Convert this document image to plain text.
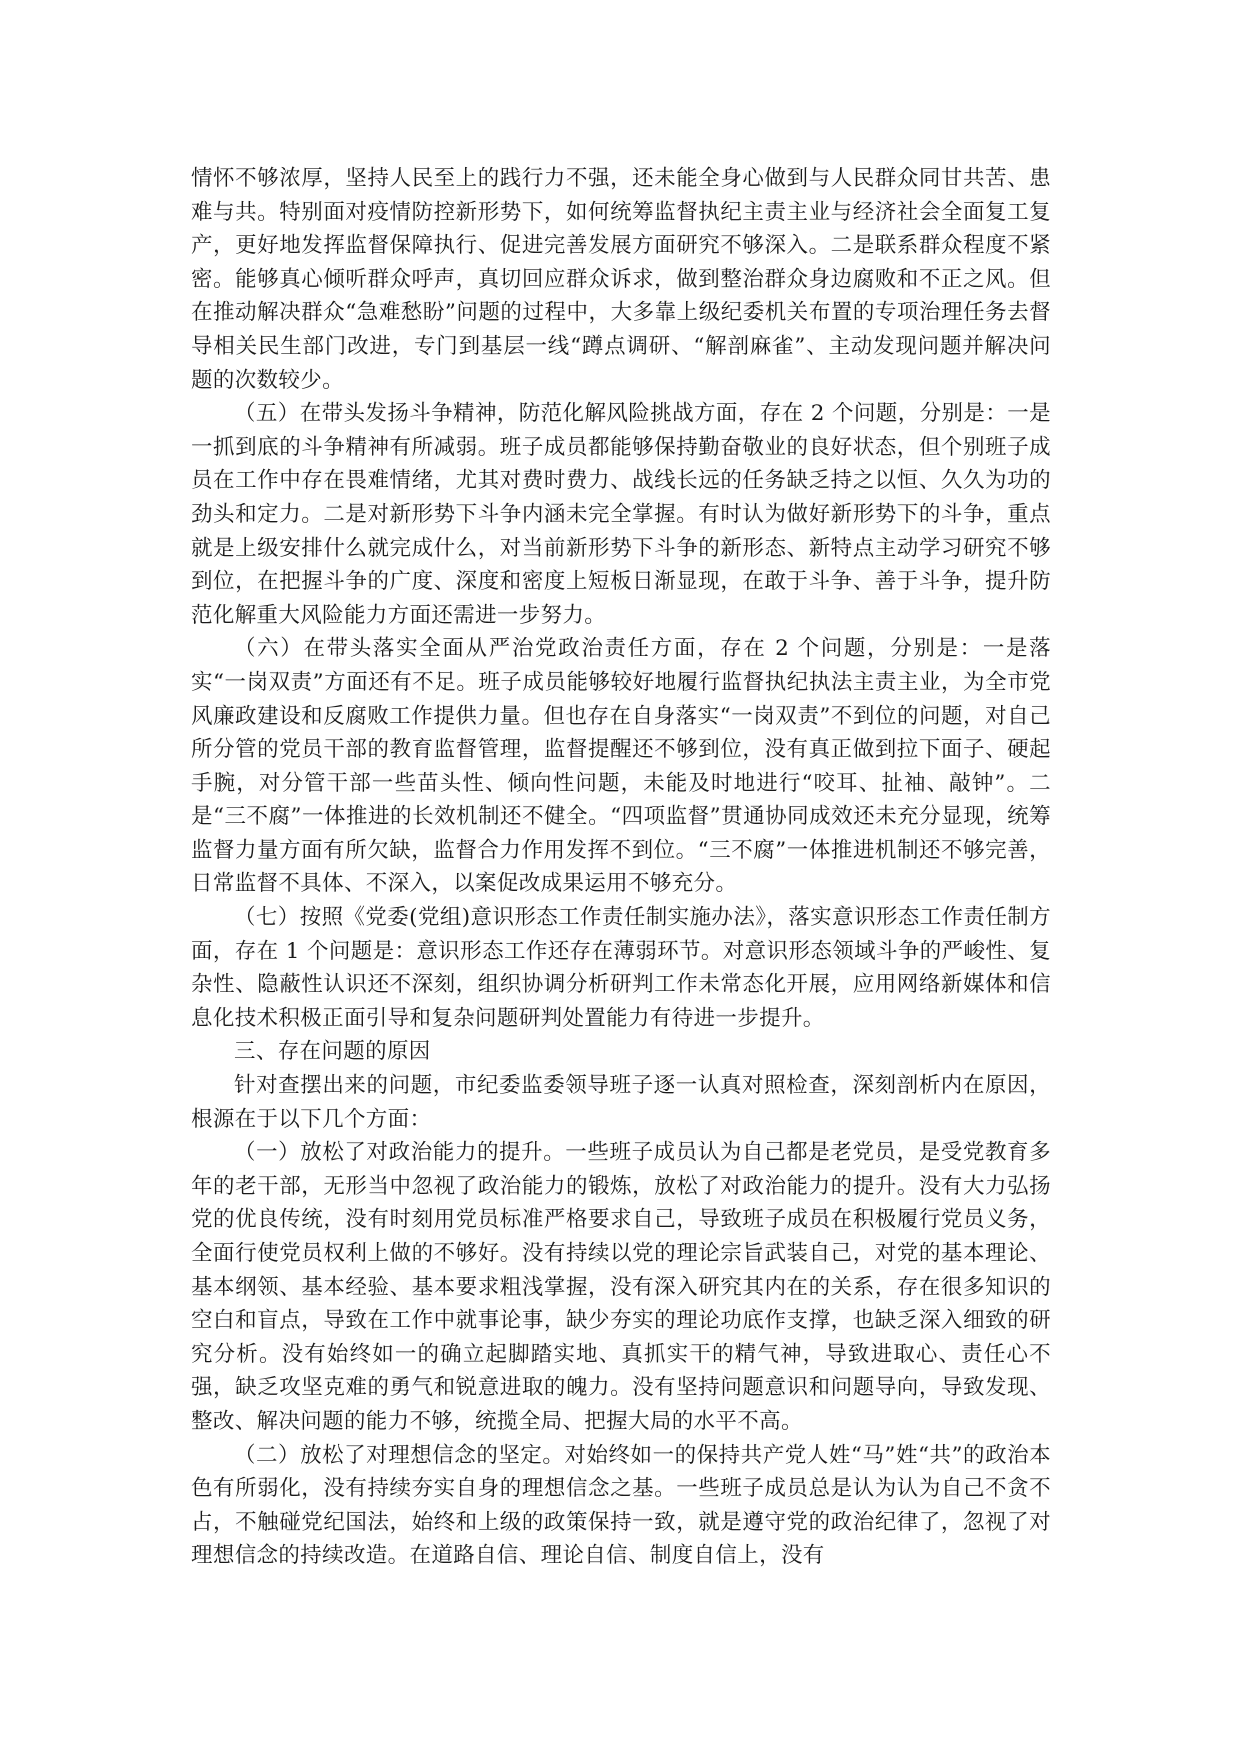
情怀不够浓厚，坚持人民至上的践行力不强，还未能全身心做到与人民群众同甘共苦、患难与共。特别面对疫情防控新形势下，如何统筹监督执纪主责主业与经济社会全面复工复产，更好地发挥监督保障执行、促进完善发展方面研究不够深入。二是联系群众程度不紧密。能够真心倾听群众呼声，真切回应群众诉求，做到整治群众身边腐败和不正之风。但在推动解决群众“急难愁盼”问题的过程中，大多靠上级纪委机关布置的专项治理任务去督导相关民生部门改进，专门到基层一线“蹲点调研、“解剖麻雀”、主动发现问题并解决问题的次数较少。

（五）在带头发扬斗争精神，防范化解风险挑战方面，存在 2 个问题，分别是：一是一抓到底的斗争精神有所减弱。班子成员都能够保持勤奋敬业的良好状态，但个别班子成员在工作中存在畏难情绪，尤其对费时费力、战线长远的任务缺乏持之以恒、久久为功的劲头和定力。二是对新形势下斗争内涵未完全掌握。有时认为做好新形势下的斗争，重点就是上级安排什么就完成什么，对当前新形势下斗争的新形态、新特点主动学习研究不够到位，在把握斗争的广度、深度和密度上短板日渐显现，在敢于斗争、善于斗争，提升防范化解重大风险能力方面还需进一步努力。

（六）在带头落实全面从严治党政治责任方面，存在 2 个问题，分别是：一是落实“一岗双责”方面还有不足。班子成员能够较好地履行监督执纪执法主责主业，为全市党风廉政建设和反腐败工作提供力量。但也存在自身落实“一岗双责”不到位的问题，对自己所分管的党员干部的教育监督管理，监督提醒还不够到位，没有真正做到拉下面子、硬起手腕，对分管干部一些苗头性、倾向性问题，未能及时地进行“咬耳、扯袖、敲钟”。二是“三不腐”一体推进的长效机制还不健全。“四项监督”贯通协同成效还未充分显现，统筹监督力量方面有所欠缺，监督合力作用发挥不到位。“三不腐”一体推进机制还不够完善，日常监督不具体、不深入，以案促改成果运用不够充分。

（七）按照《党委(党组)意识形态工作责任制实施办法》，落实意识形态工作责任制方面，存在 1 个问题是：意识形态工作还存在薄弱环节。对意识形态领域斗争的严峻性、复杂性、隐蔽性认识还不深刻，组织协调分析研判工作未常态化开展，应用网络新媒体和信息化技术积极正面引导和复杂问题研判处置能力有待进一步提升。

三、存在问题的原因

针对查摆出来的问题，市纪委监委领导班子逐一认真对照检查，深刻剖析内在原因，根源在于以下几个方面：

（一）放松了对政治能力的提升。一些班子成员认为自己都是老党员，是受党教育多年的老干部，无形当中忽视了政治能力的锻炼，放松了对政治能力的提升。没有大力弘扬党的优良传统，没有时刻用党员标准严格要求自己，导致班子成员在积极履行党员义务，全面行使党员权利上做的不够好。没有持续以党的理论宗旨武装自己，对党的基本理论、基本纲领、基本经验、基本要求粗浅掌握，没有深入研究其内在的关系，存在很多知识的空白和盲点，导致在工作中就事论事，缺少夯实的理论功底作支撑，也缺乏深入细致的研究分析。没有始终如一的确立起脚踏实地、真抓实干的精气神，导致进取心、责任心不强，缺乏攻坚克难的勇气和锐意进取的魄力。没有坚持问题意识和问题导向，导致发现、整改、解决问题的能力不够，统揽全局、把握大局的水平不高。

（二）放松了对理想信念的坚定。对始终如一的保持共产党人姓“马”姓“共”的政治本色有所弱化，没有持续夯实自身的理想信念之基。一些班子成员总是认为认为自己不贪不占，不触碰党纪国法，始终和上级的政策保持一致，就是遵守党的政治纪律了，忽视了对理想信念的持续改造。在道路自信、理论自信、制度自信上，没有
